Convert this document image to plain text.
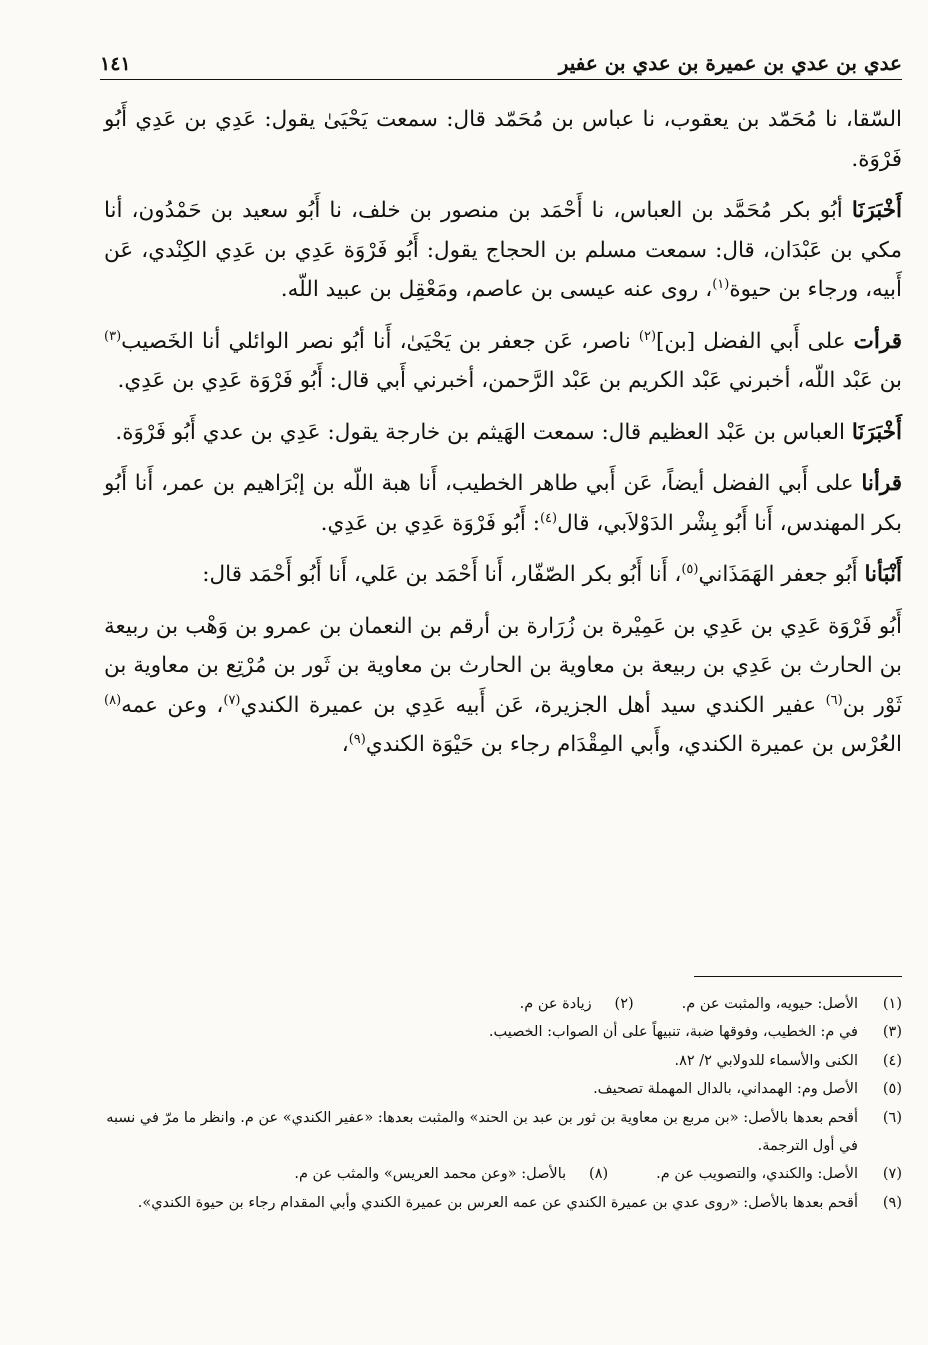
عدي بن عدي بن عميرة بن عدي بن عفير
١٤١

السّقا، نا مُحَمّد بن يعقوب، نا عباس بن مُحَمّد قال: سمعت يَحْيَىٰ يقول: عَدِي بن عَدِي أَبُو فَرْوَة.

أَخْبَرَنَا أبُو بكر مُحَمَّد بن العباس، نا أَحْمَد بن منصور بن خلف، نا أَبُو سعيد بن حَمْدُون، أنا مكي بن عَبْدَان، قال: سمعت مسلم بن الحجاج يقول: أَبُو فَرْوَة عَدِي بن عَدِي الكِنْدي، عَن أَبيه، ورجاء بن حيوة$^{(١)}$، روى عنه عيسى بن عاصم، ومَعْقِل بن عبيد اللّه.

قرأت على أَبي الفضل [بن]$^{(٢)}$ ناصر، عَن جعفر بن يَحْيَىٰ، أَنا أبُو نصر الوائلي أنا الخَصيب$^{(٣)}$ بن عَبْد اللّه، أخبرني عَبْد الكريم بن عَبْد الرَّحمن، أخبرني أَبي قال: أَبُو فَرْوَة عَدِي بن عَدِي.

أَخْبَرَنَا العباس بن عَبْد العظيم قال: سمعت الهَيثم بن خارجة يقول: عَدِي بن عدي أَبُو فَرْوَة.

قرأنا على أَبي الفضل أيضاً، عَن أَبي طاهر الخطيب، أَنا هبة اللّه بن إبْرَاهيم بن عمر، أَنا أَبُو بكر المهندس، أَنا أَبُو بِشْر الدَوْلاَبي، قال$^{(٤)}$: أَبُو فَرْوَة عَدِي بن عَدِي.

أَنْبَأنا أَبُو جعفر الهَمَذَاني$^{(٥)}$، أَنا أَبُو بكر الصّفّار، أَنا أَحْمَد بن عَلي، أَنا أَبُو أَحْمَد قال:

أَبُو فَرْوَة عَدِي بن عَدِي بن عَمِيْرة بن زُرَارة بن أرقم بن النعمان بن عمرو بن وَهْب بن ربيعة بن الحارث بن عَدِي بن ربيعة بن معاوية بن الحارث بن معاوية بن ثَور بن مُرْتِع بن معاوية بن ثَوْر بن$^{(٦)}$ عفير الكندي سيد أهل الجزيرة، عَن أَبيه عَدِي بن عميرة الكندي$^{(٧)}$، وعن عمه$^{(٨)}$ العُرْس بن عميرة الكندي، وأَبي المِقْدَام رجاء بن حَيْوَة الكندي$^{(٩)}$،

(١)
الأصل: حيويه، والمثبت عن م.
(٢)
زيادة عن م.
(٣)
في م: الخطيب، وفوقها ضبة، تنبيهاً على أن الصواب: الخصيب.
(٤)
الكنى والأسماء للدولابي ٢/ ٨٢.
(٥)
الأصل وم: الهمداني، بالدال المهملة تصحيف.
(٦)
أقحم بعدها بالأصل: «بن مربع بن معاوية بن ثور بن عبد بن الحند» والمثبت بعدها: «عفير الكندي» عن م. وانظر ما مرّ في نسبه في أول الترجمة.
(٧)
الأصل: والكندي، والتصويب عن م.
(٨)
بالأصل: «وعن محمد العريس» والمثب عن م.
(٩)
أقحم بعدها بالأصل: «روى عدي بن عميرة الكندي عن عمه العرس بن عميرة الكندي وأبي المقدام رجاء بن حيوة الكندي».
